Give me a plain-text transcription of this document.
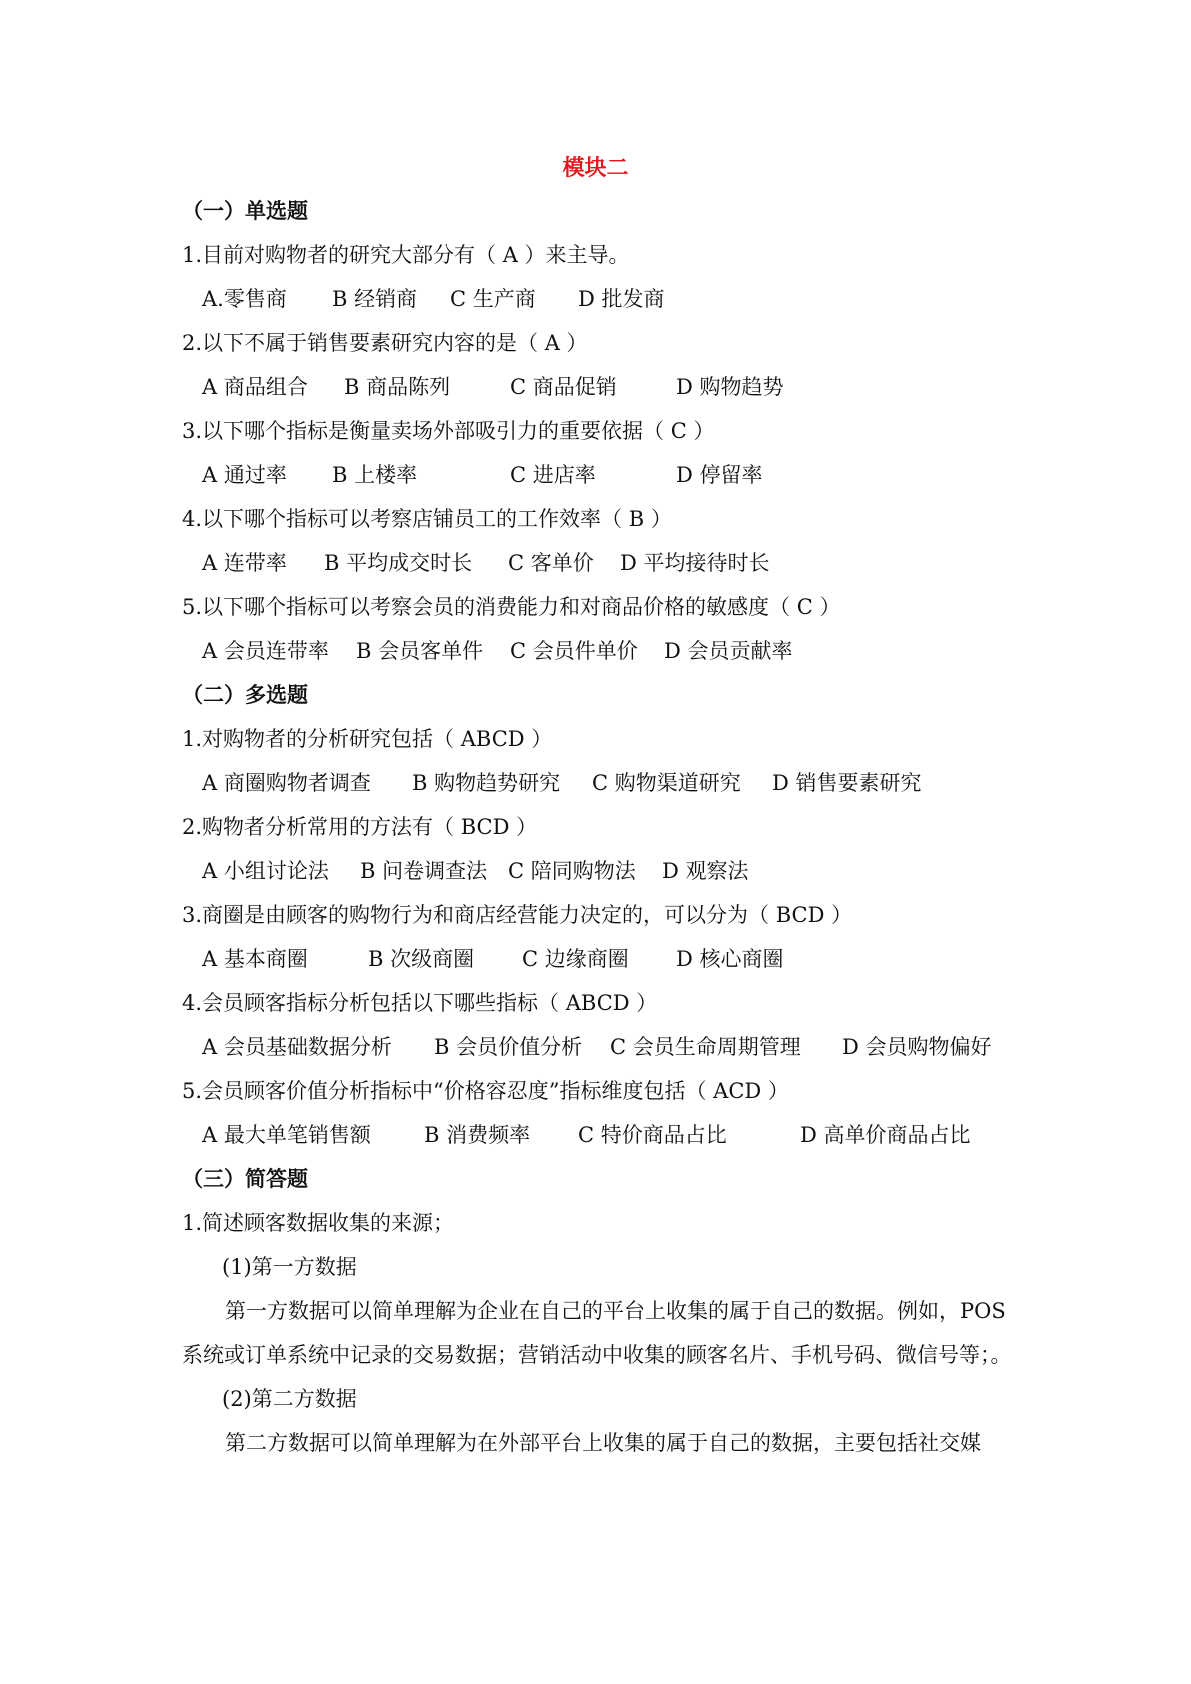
模块二
（一）单选题
1.目前对购物者的研究大部分有（ A ）来主导。
A.零售商 B 经销商 C 生产商 D 批发商
2.以下不属于销售要素研究内容的是（ A ）
A 商品组合 B 商品陈列	C 商品促销	D 购物趋势
3.以下哪个指标是衡量卖场外部吸引力的重要依据（ C ）
A 通过率 B 上楼率	C 进店率	D 停留率
4.以下哪个指标可以考察店铺员工的工作效率（ B ）
A 连带率 B 平均成交时长 C 客单价 D 平均接待时长
5.以下哪个指标可以考察会员的消费能力和对商品价格的敏感度（ C ）
A 会员连带率 B 会员客单件 C 会员件单价 D 会员贡献率
（二）多选题
1.对购物者的分析研究包括（ ABCD ）
A 商圈购物者调查 B 购物趋势研究 C 购物渠道研究 D 销售要素研究
2.购物者分析常用的方法有（ BCD ）
A 小组讨论法 B 问卷调查法 C 陪同购物法 D 观察法
3.商圈是由顾客的购物行为和商店经营能力决定的，可以分为（ BCD ）
A 基本商圈	B 次级商圈 C 边缘商圈 D 核心商圈
4.会员顾客指标分析包括以下哪些指标（ ABCD ）
A 会员基础数据分析 B 会员价值分析 C 会员生命周期管理 D 会员购物偏好
5.会员顾客价值分析指标中“价格容忍度”指标维度包括（ ACD ）
A 最大单笔销售额	B 消费频率 C 特价商品占比	D 高单价商品占比
（三）简答题
1.简述顾客数据收集的来源；
(1)第一方数据
第一方数据可以简单理解为企业在自己的平台上收集的属于自己的数据。例如，POS
系统或订单系统中记录的交易数据；营销活动中收集的顾客名片、手机号码、微信号等；。
(2)第二方数据
第二方数据可以简单理解为在外部平台上收集的属于自己的数据，主要包括社交媒
